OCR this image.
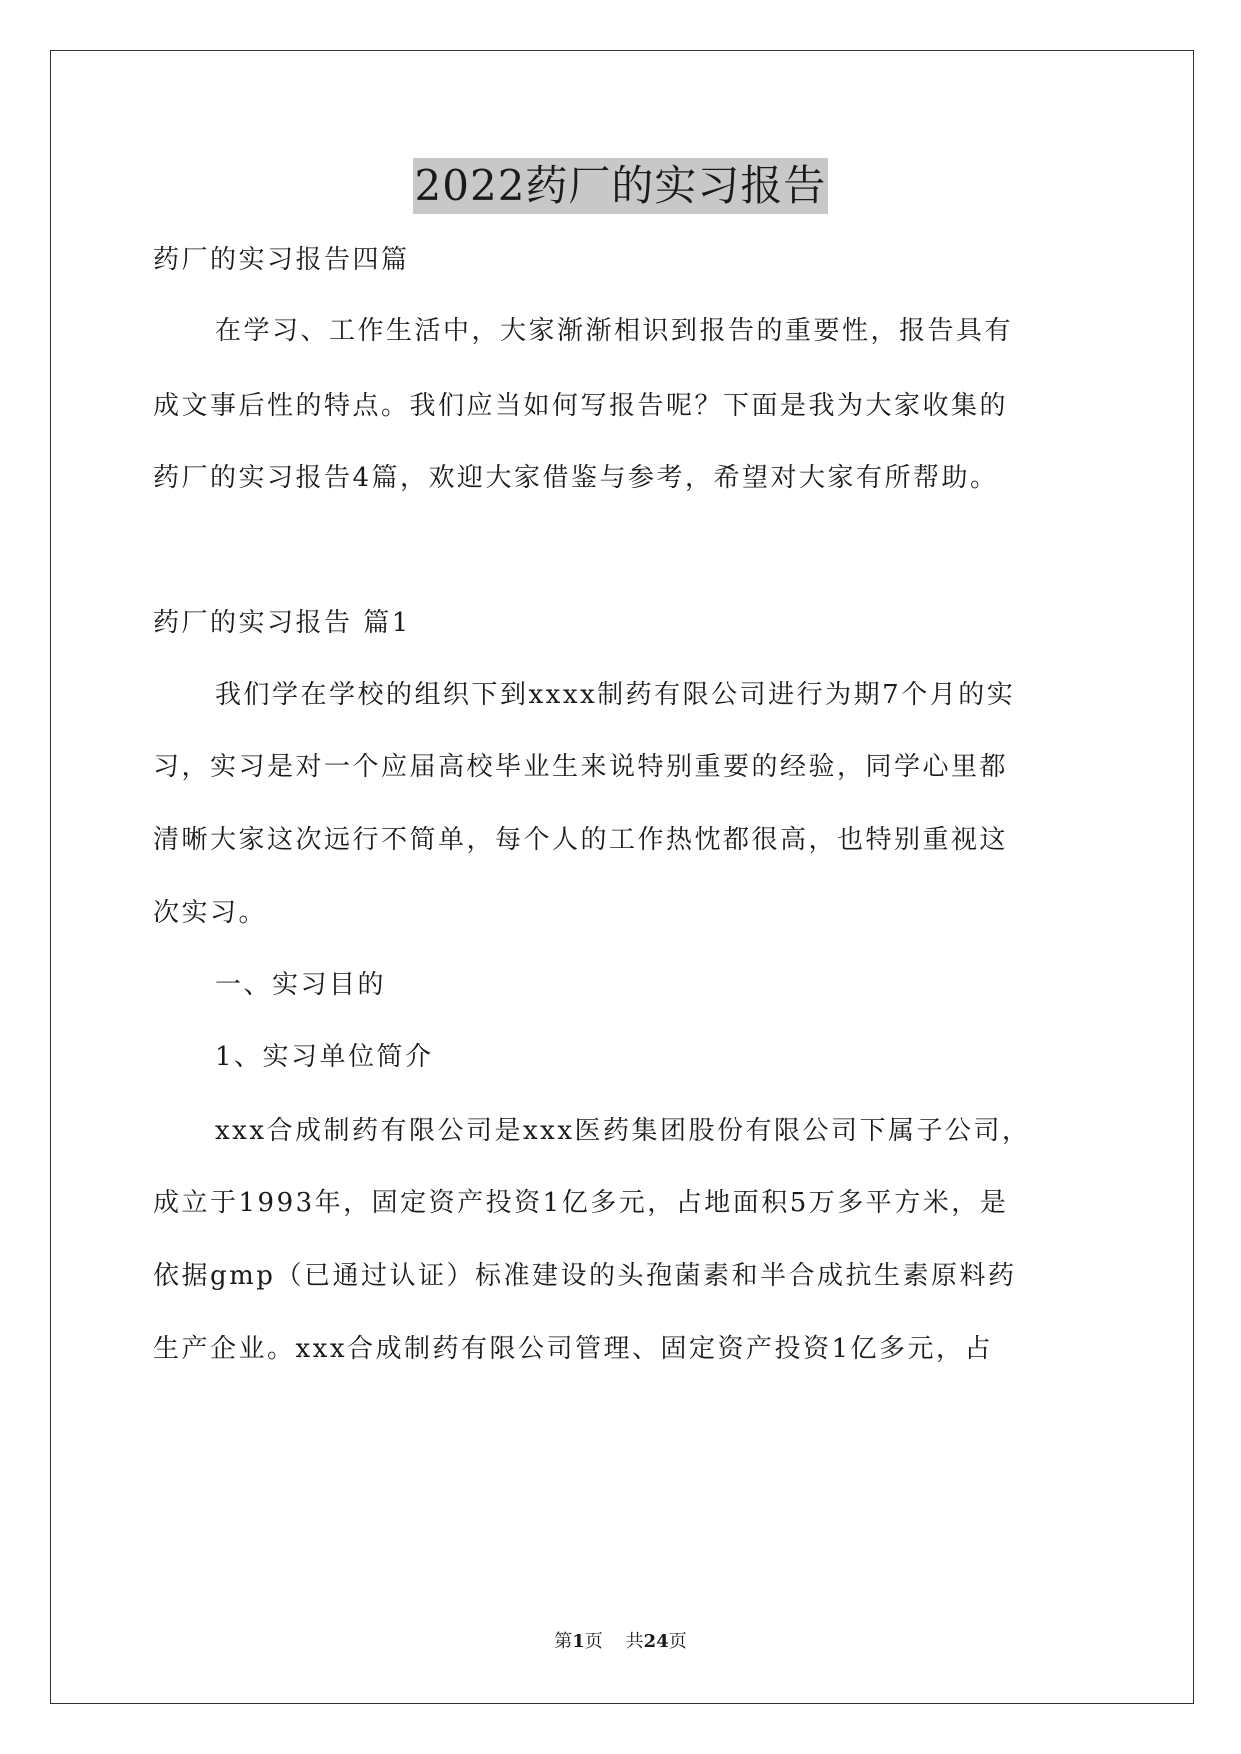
2022药厂的实习报告
药厂的实习报告四篇
在学习、工作生活中，大家渐渐相识到报告的重要性，报告具有
成文事后性的特点。我们应当如何写报告呢？下面是我为大家收集的
药厂的实习报告4篇，欢迎大家借鉴与参考，希望对大家有所帮助。
药厂的实习报告 篇1
我们学在学校的组织下到xxxx制药有限公司进行为期7个月的实
习，实习是对一个应届高校毕业生来说特别重要的经验，同学心里都
清晰大家这次远行不简单，每个人的工作热忱都很高，也特别重视这
次实习。
一、实习目的
1、实习单位简介
xxx合成制药有限公司是xxx医药集团股份有限公司下属子公司，
成立于1993年，固定资产投资1亿多元，占地面积5万多平方米，是
依据gmp（已通过认证）标准建设的头孢菌素和半合成抗生素原料药
生产企业。xxx合成制药有限公司管理、固定资产投资1亿多元，占
第1页 共24页
